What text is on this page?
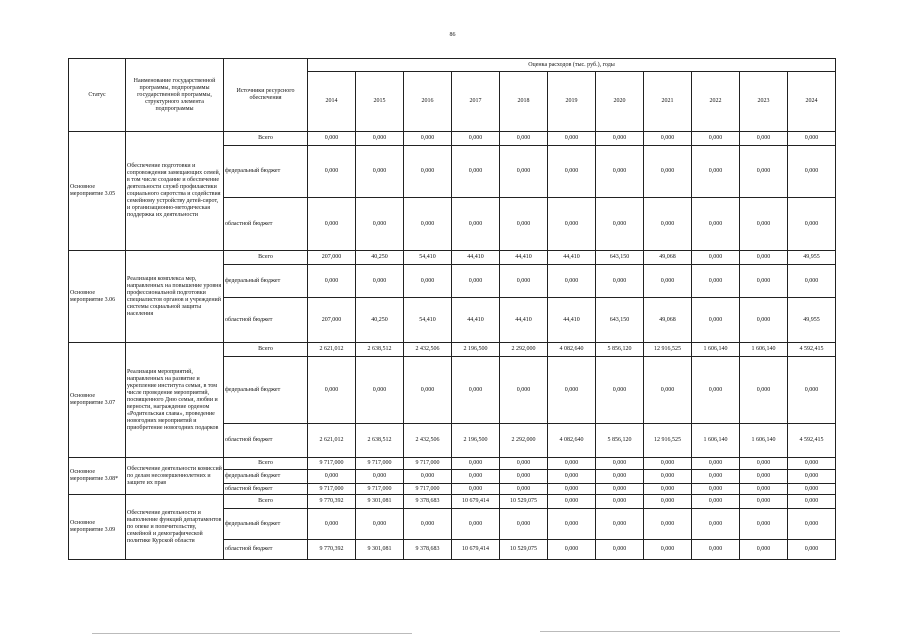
86
Статус	Наименование государственной программы, подпрограммы государственной программы, структурного элемента подпрограммы	Источники ресурсного обеспечения	Оценка расходов (тыс. руб.), годы										
			2014	2015	2016	2017	2018	2019	2020	2021	2022	2023	2024
Основное мероприятие 3.05	Обеспечение подготовки и сопровождения замещающих семей, в том числе создание и обеспечение деятельности служб профилактики социального сиротства и содействия семейному устройству детей-сирот, и организационно-методическая поддержка их деятельности	Всего	0,000	0,000	0,000	0,000	0,000	0,000	0,000	0,000	0,000	0,000	0,000
		федеральный бюджет	0,000	0,000	0,000	0,000	0,000	0,000	0,000	0,000	0,000	0,000	0,000
		областной бюджет	0,000	0,000	0,000	0,000	0,000	0,000	0,000	0,000	0,000	0,000	0,000
Основное мероприятие 3.06	Реализация комплекса мер, направленных на повышение уровня профессиональной подготовки специалистов органов и учреждений системы социальной защиты населения	Всего	207,000	40,250	54,410	44,410	44,410	44,410	643,150	49,068	0,000	0,000	49,955
		федеральный бюджет	0,000	0,000	0,000	0,000	0,000	0,000	0,000	0,000	0,000	0,000	0,000
		областной бюджет	207,000	40,250	54,410	44,410	44,410	44,410	643,150	49,068	0,000	0,000	49,955
Основное мероприятие 3.07	Реализация мероприятий, направленных на развитие и укрепление института семьи, в том числе проведение мероприятий, посвященного Дню семьи, любви и верности, награждение орденом «Родительская слава», проведение новогодних мероприятий и приобретение новогодних подарков	Всего	2 621,012	2 638,512	2 432,506	2 196,500	2 292,000	4 082,640	5 856,120	12 916,525	1 606,140	1 606,140	4 592,415
		федеральный бюджет	0,000	0,000	0,000	0,000	0,000	0,000	0,000	0,000	0,000	0,000	0,000
		областной бюджет	2 621,012	2 638,512	2 432,506	2 196,500	2 292,000	4 082,640	5 856,120	12 916,525	1 606,140	1 606,140	4 592,415
Основное мероприятие 3.08*	Обеспечение деятельности комиссий по делам несовершеннолетних и защите их прав	Всего	9 717,000	9 717,000	9 717,000	0,000	0,000	0,000	0,000	0,000	0,000	0,000	0,000
		федеральный бюджет	0,000	0,000	0,000	0,000	0,000	0,000	0,000	0,000	0,000	0,000	0,000
		областной бюджет	9 717,000	9 717,000	9 717,000	0,000	0,000	0,000	0,000	0,000	0,000	0,000	0,000
Основное мероприятие 3.09	Обеспечение деятельности и выполнение функций департаментов по опеке и попечительству, семейной и демографической политике Курской области	Всего	9 770,392	9 301,081	9 378,683	10 679,414	10 529,075	0,000	0,000	0,000	0,000	0,000	0,000
		федеральный бюджет	0,000	0,000	0,000	0,000	0,000	0,000	0,000	0,000	0,000	0,000	0,000
		областной бюджет	9 770,392	9 301,081	9 378,683	10 679,414	10 529,075	0,000	0,000	0,000	0,000	0,000	0,000
